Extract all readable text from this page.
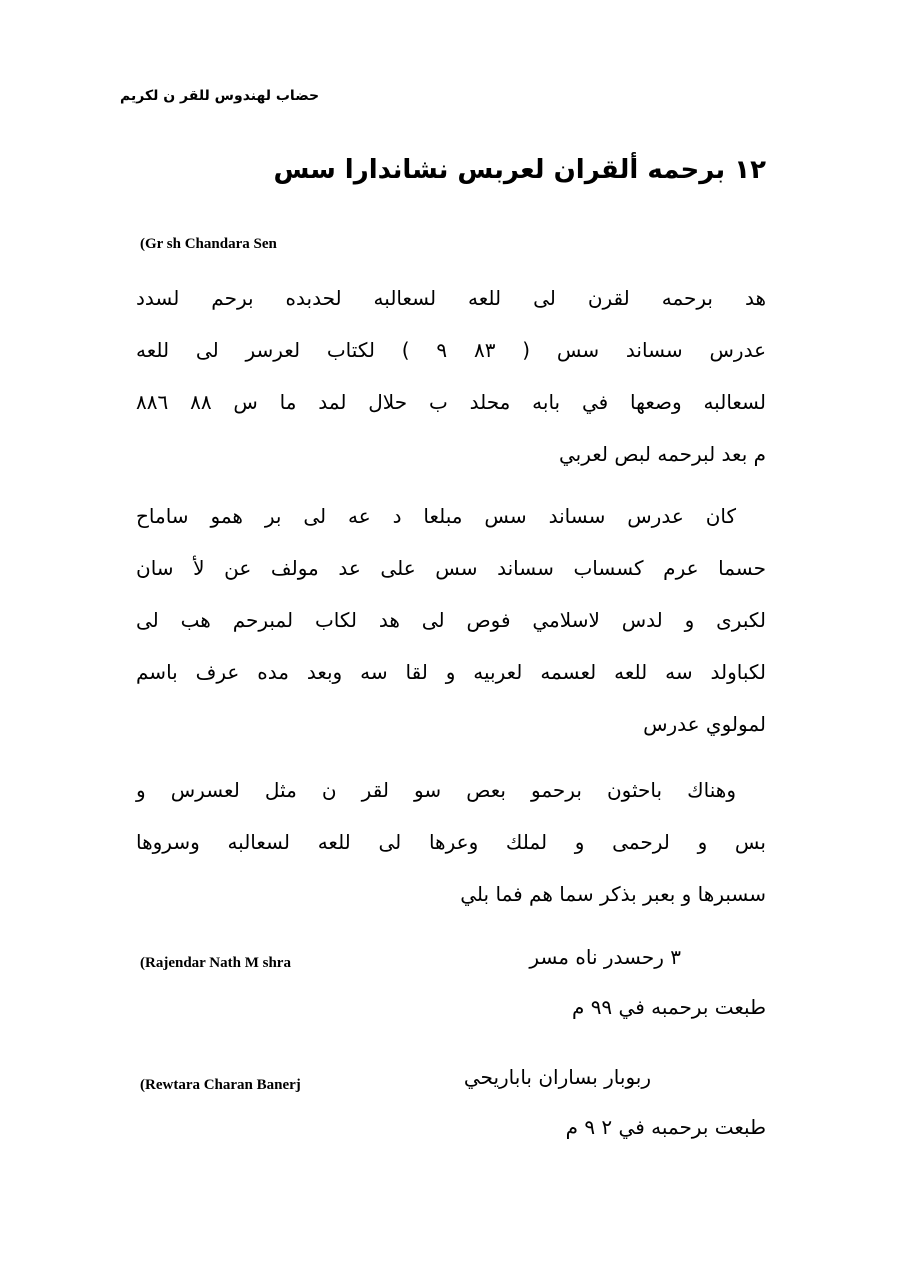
حضاب لهندوس للقر ن لكريم
١٢ برحمه ألقران لعربس نشاندارا سس
(Gr sh Chandara Sen
هد برحمه لقرن لى للعه لسعالبه لحدبده برحم لسدد
عدرس سساند سس ( ٨٣ ٩ ) لكتاب لعرسر لى للعه
لسعالبه وصعها في بابه محلد ب حلال لمد ما س ٨٨ ٨٨٦
م بعد لبرحمه لبص لعربي
كان عدرس سساند سس مبلعا د عه لى بر همو ساماح
حسما عرم كسساب سساند سس على عد مولف عن لأ سان
لكبرى و لدس لاسلامي فوص لى هد لكاب لمبرحم هب لى
لكباولد سه للعه لعسمه لعربيه و لقا سه وبعد مده عرف باسم
لمولوي عدرس
وهناك باحثون برحمو بعص سو لقر ن مثل لعسرس و
بس و لرحمى و لملك وعرها لى للعه لسعالبه وسروها
سسبرها و بعبر بذكر سما هم فما بلي
٣ رحسدر ناه مسر
(Rajendar Nath M shra
طبعت برحمبه في ٩٩ م
ربوبار بساران باباريحي
(Rewtara Charan Banerj
طبعت برحمبه في ٢ ٩ م
